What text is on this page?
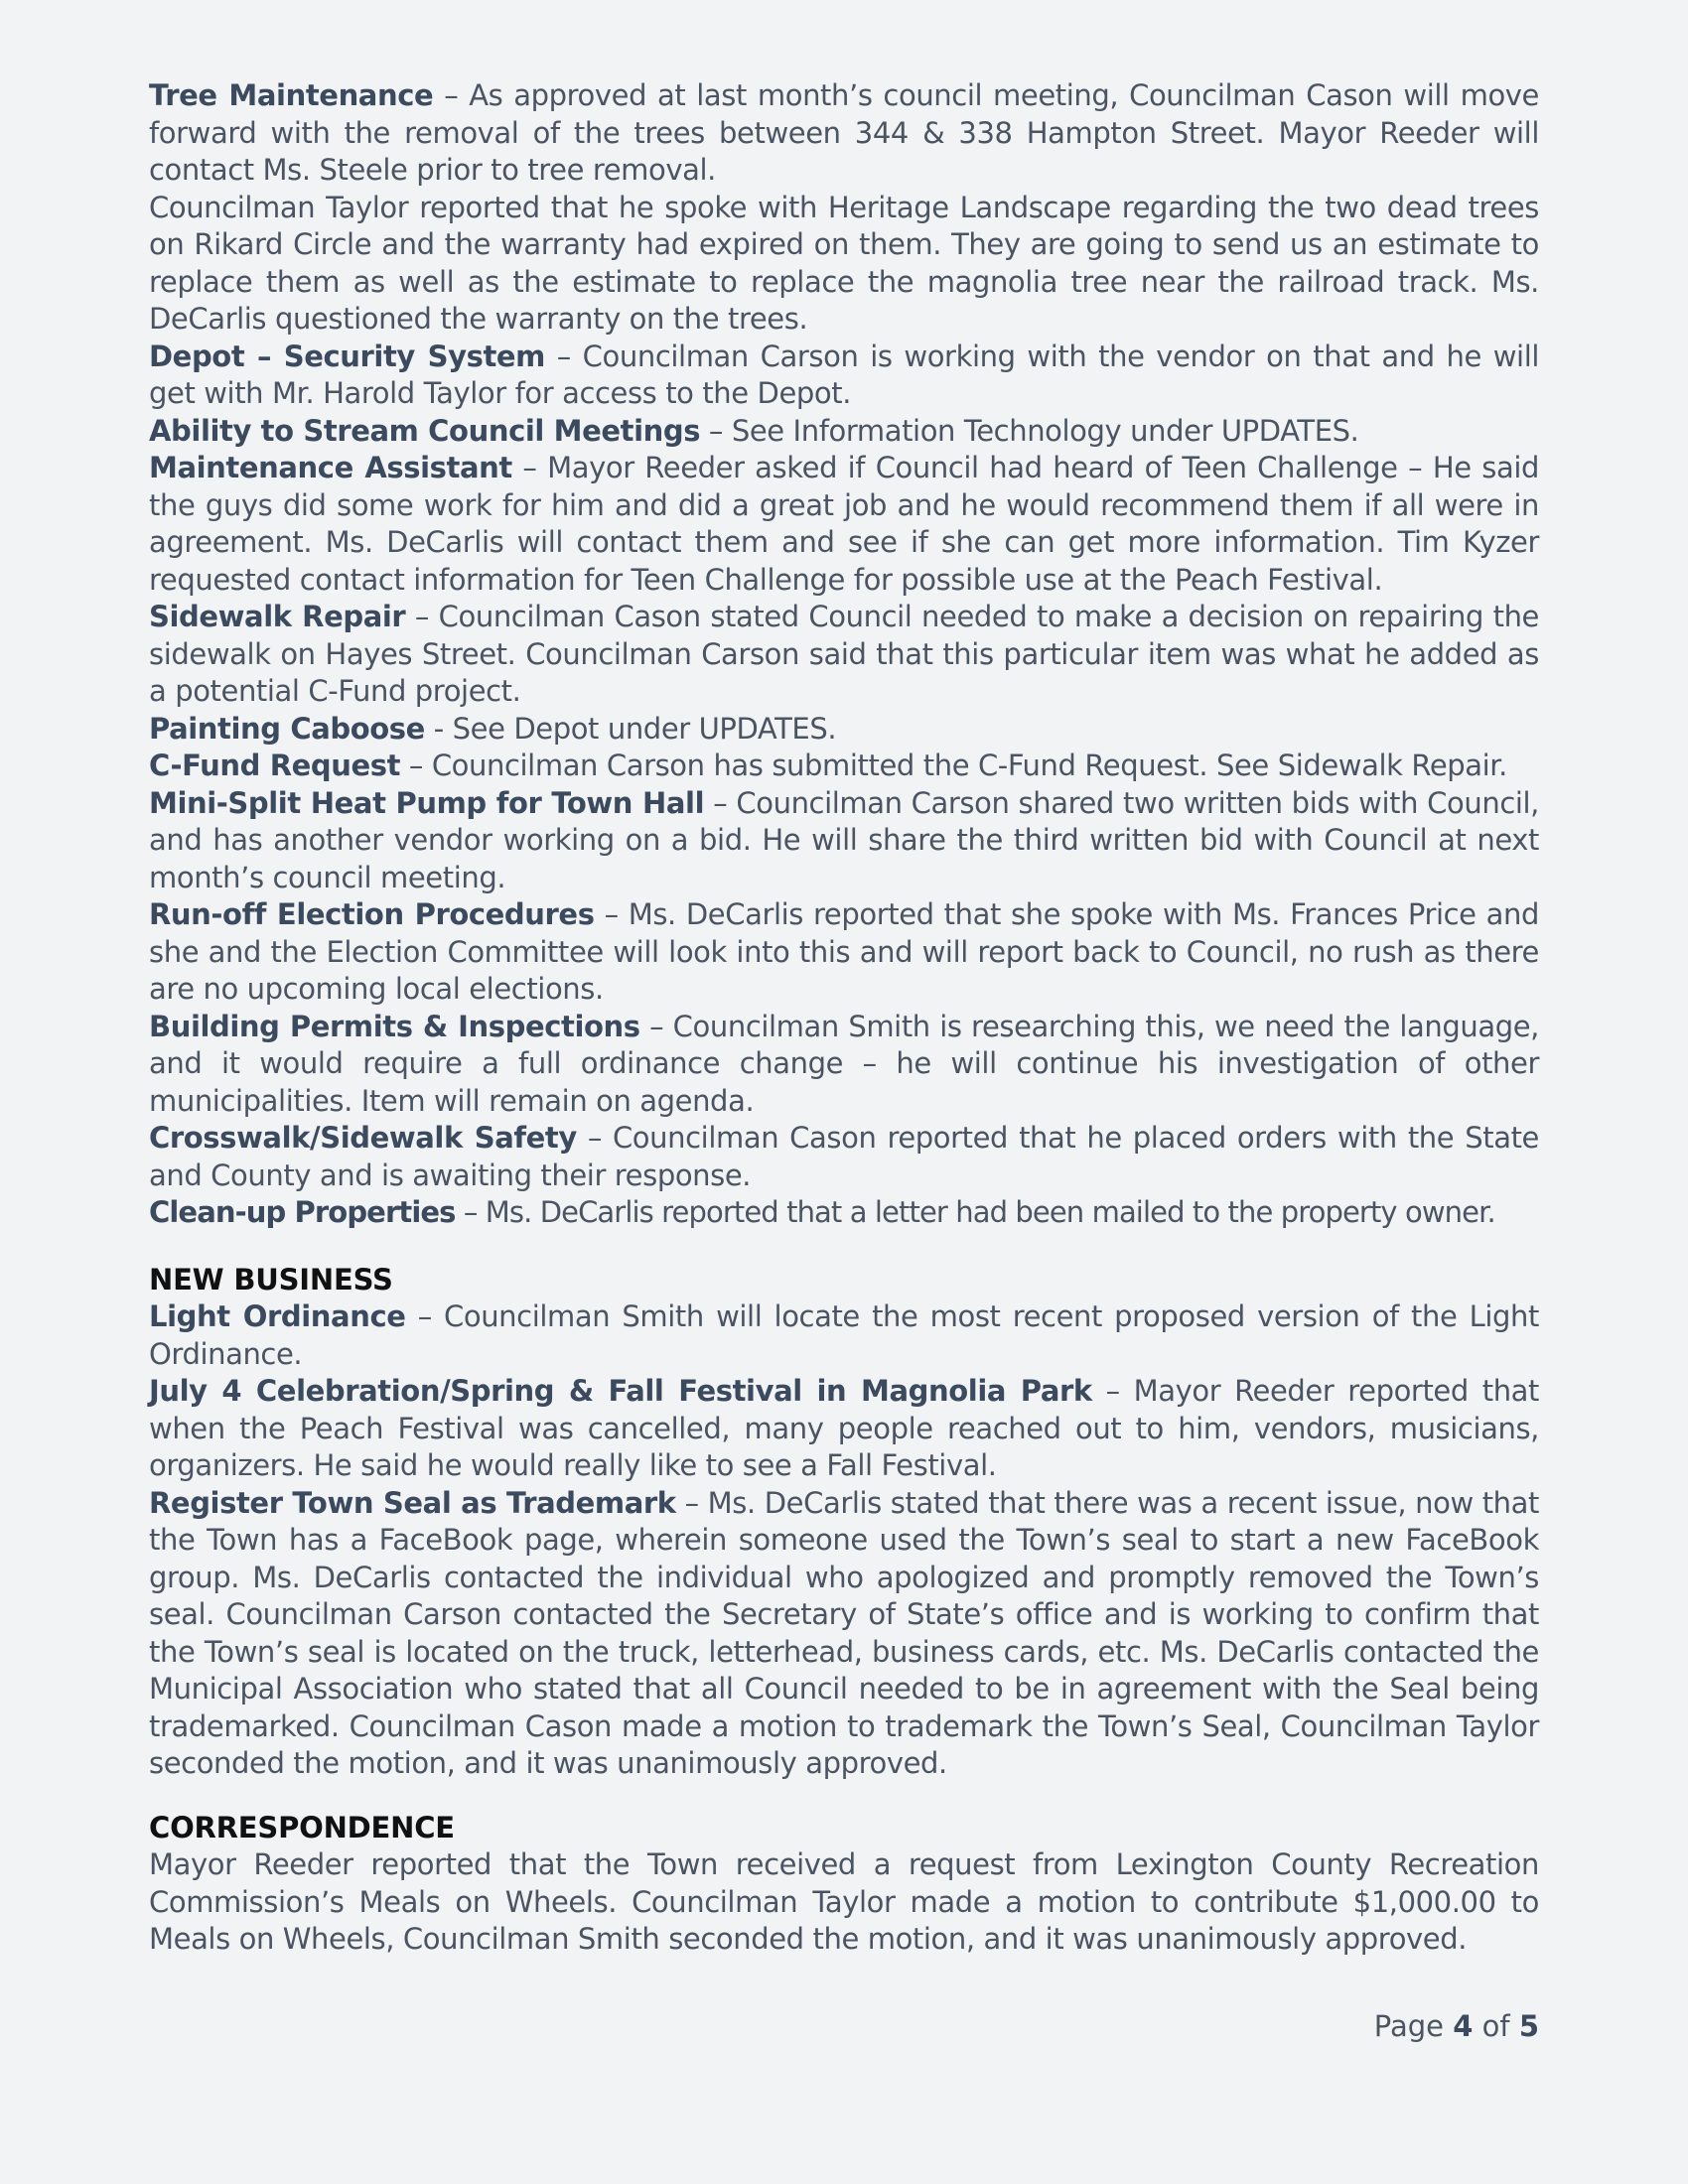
Tree Maintenance – As approved at last month’s council meeting, Councilman Cason will move forward with the removal of the trees between 344 & 338 Hampton Street. Mayor Reeder will contact Ms. Steele prior to tree removal.

Councilman Taylor reported that he spoke with Heritage Landscape regarding the two dead trees on Rikard Circle and the warranty had expired on them. They are going to send us an estimate to replace them as well as the estimate to replace the magnolia tree near the railroad track. Ms. DeCarlis questioned the warranty on the trees.

Depot – Security System – Councilman Carson is working with the vendor on that and he will get with Mr. Harold Taylor for access to the Depot.

Ability to Stream Council Meetings – See Information Technology under UPDATES.

Maintenance Assistant – Mayor Reeder asked if Council had heard of Teen Challenge – He said the guys did some work for him and did a great job and he would recommend them if all were in agreement. Ms. DeCarlis will contact them and see if she can get more information. Tim Kyzer requested contact information for Teen Challenge for possible use at the Peach Festival.

Sidewalk Repair – Councilman Cason stated Council needed to make a decision on repairing the sidewalk on Hayes Street. Councilman Carson said that this particular item was what he added as a potential C-Fund project.

Painting Caboose - See Depot under UPDATES.

C-Fund Request – Councilman Carson has submitted the C-Fund Request. See Sidewalk Repair.

Mini-Split Heat Pump for Town Hall – Councilman Carson shared two written bids with Council, and has another vendor working on a bid. He will share the third written bid with Council at next month’s council meeting.

Run-off Election Procedures – Ms. DeCarlis reported that she spoke with Ms. Frances Price and she and the Election Committee will look into this and will report back to Council, no rush as there are no upcoming local elections.

Building Permits & Inspections – Councilman Smith is researching this, we need the language, and it would require a full ordinance change – he will continue his investigation of other municipalities. Item will remain on agenda.

Crosswalk/Sidewalk Safety – Councilman Cason reported that he placed orders with the State and County and is awaiting their response.

Clean-up Properties – Ms. DeCarlis reported that a letter had been mailed to the property owner.

NEW BUSINESS

Light Ordinance – Councilman Smith will locate the most recent proposed version of the Light Ordinance.

July 4 Celebration/Spring & Fall Festival in Magnolia Park – Mayor Reeder reported that when the Peach Festival was cancelled, many people reached out to him, vendors, musicians, organizers. He said he would really like to see a Fall Festival.

Register Town Seal as Trademark – Ms. DeCarlis stated that there was a recent issue, now that the Town has a FaceBook page, wherein someone used the Town’s seal to start a new FaceBook group. Ms. DeCarlis contacted the individual who apologized and promptly removed the Town’s seal. Councilman Carson contacted the Secretary of State’s office and is working to confirm that the Town’s seal is located on the truck, letterhead, business cards, etc. Ms. DeCarlis contacted the Municipal Association who stated that all Council needed to be in agreement with the Seal being trademarked. Councilman Cason made a motion to trademark the Town’s Seal, Councilman Taylor seconded the motion, and it was unanimously approved.

CORRESPONDENCE

Mayor Reeder reported that the Town received a request from Lexington County Recreation Commission’s Meals on Wheels. Councilman Taylor made a motion to contribute $1,000.00 to Meals on Wheels, Councilman Smith seconded the motion, and it was unanimously approved.

Page 4 of 5
